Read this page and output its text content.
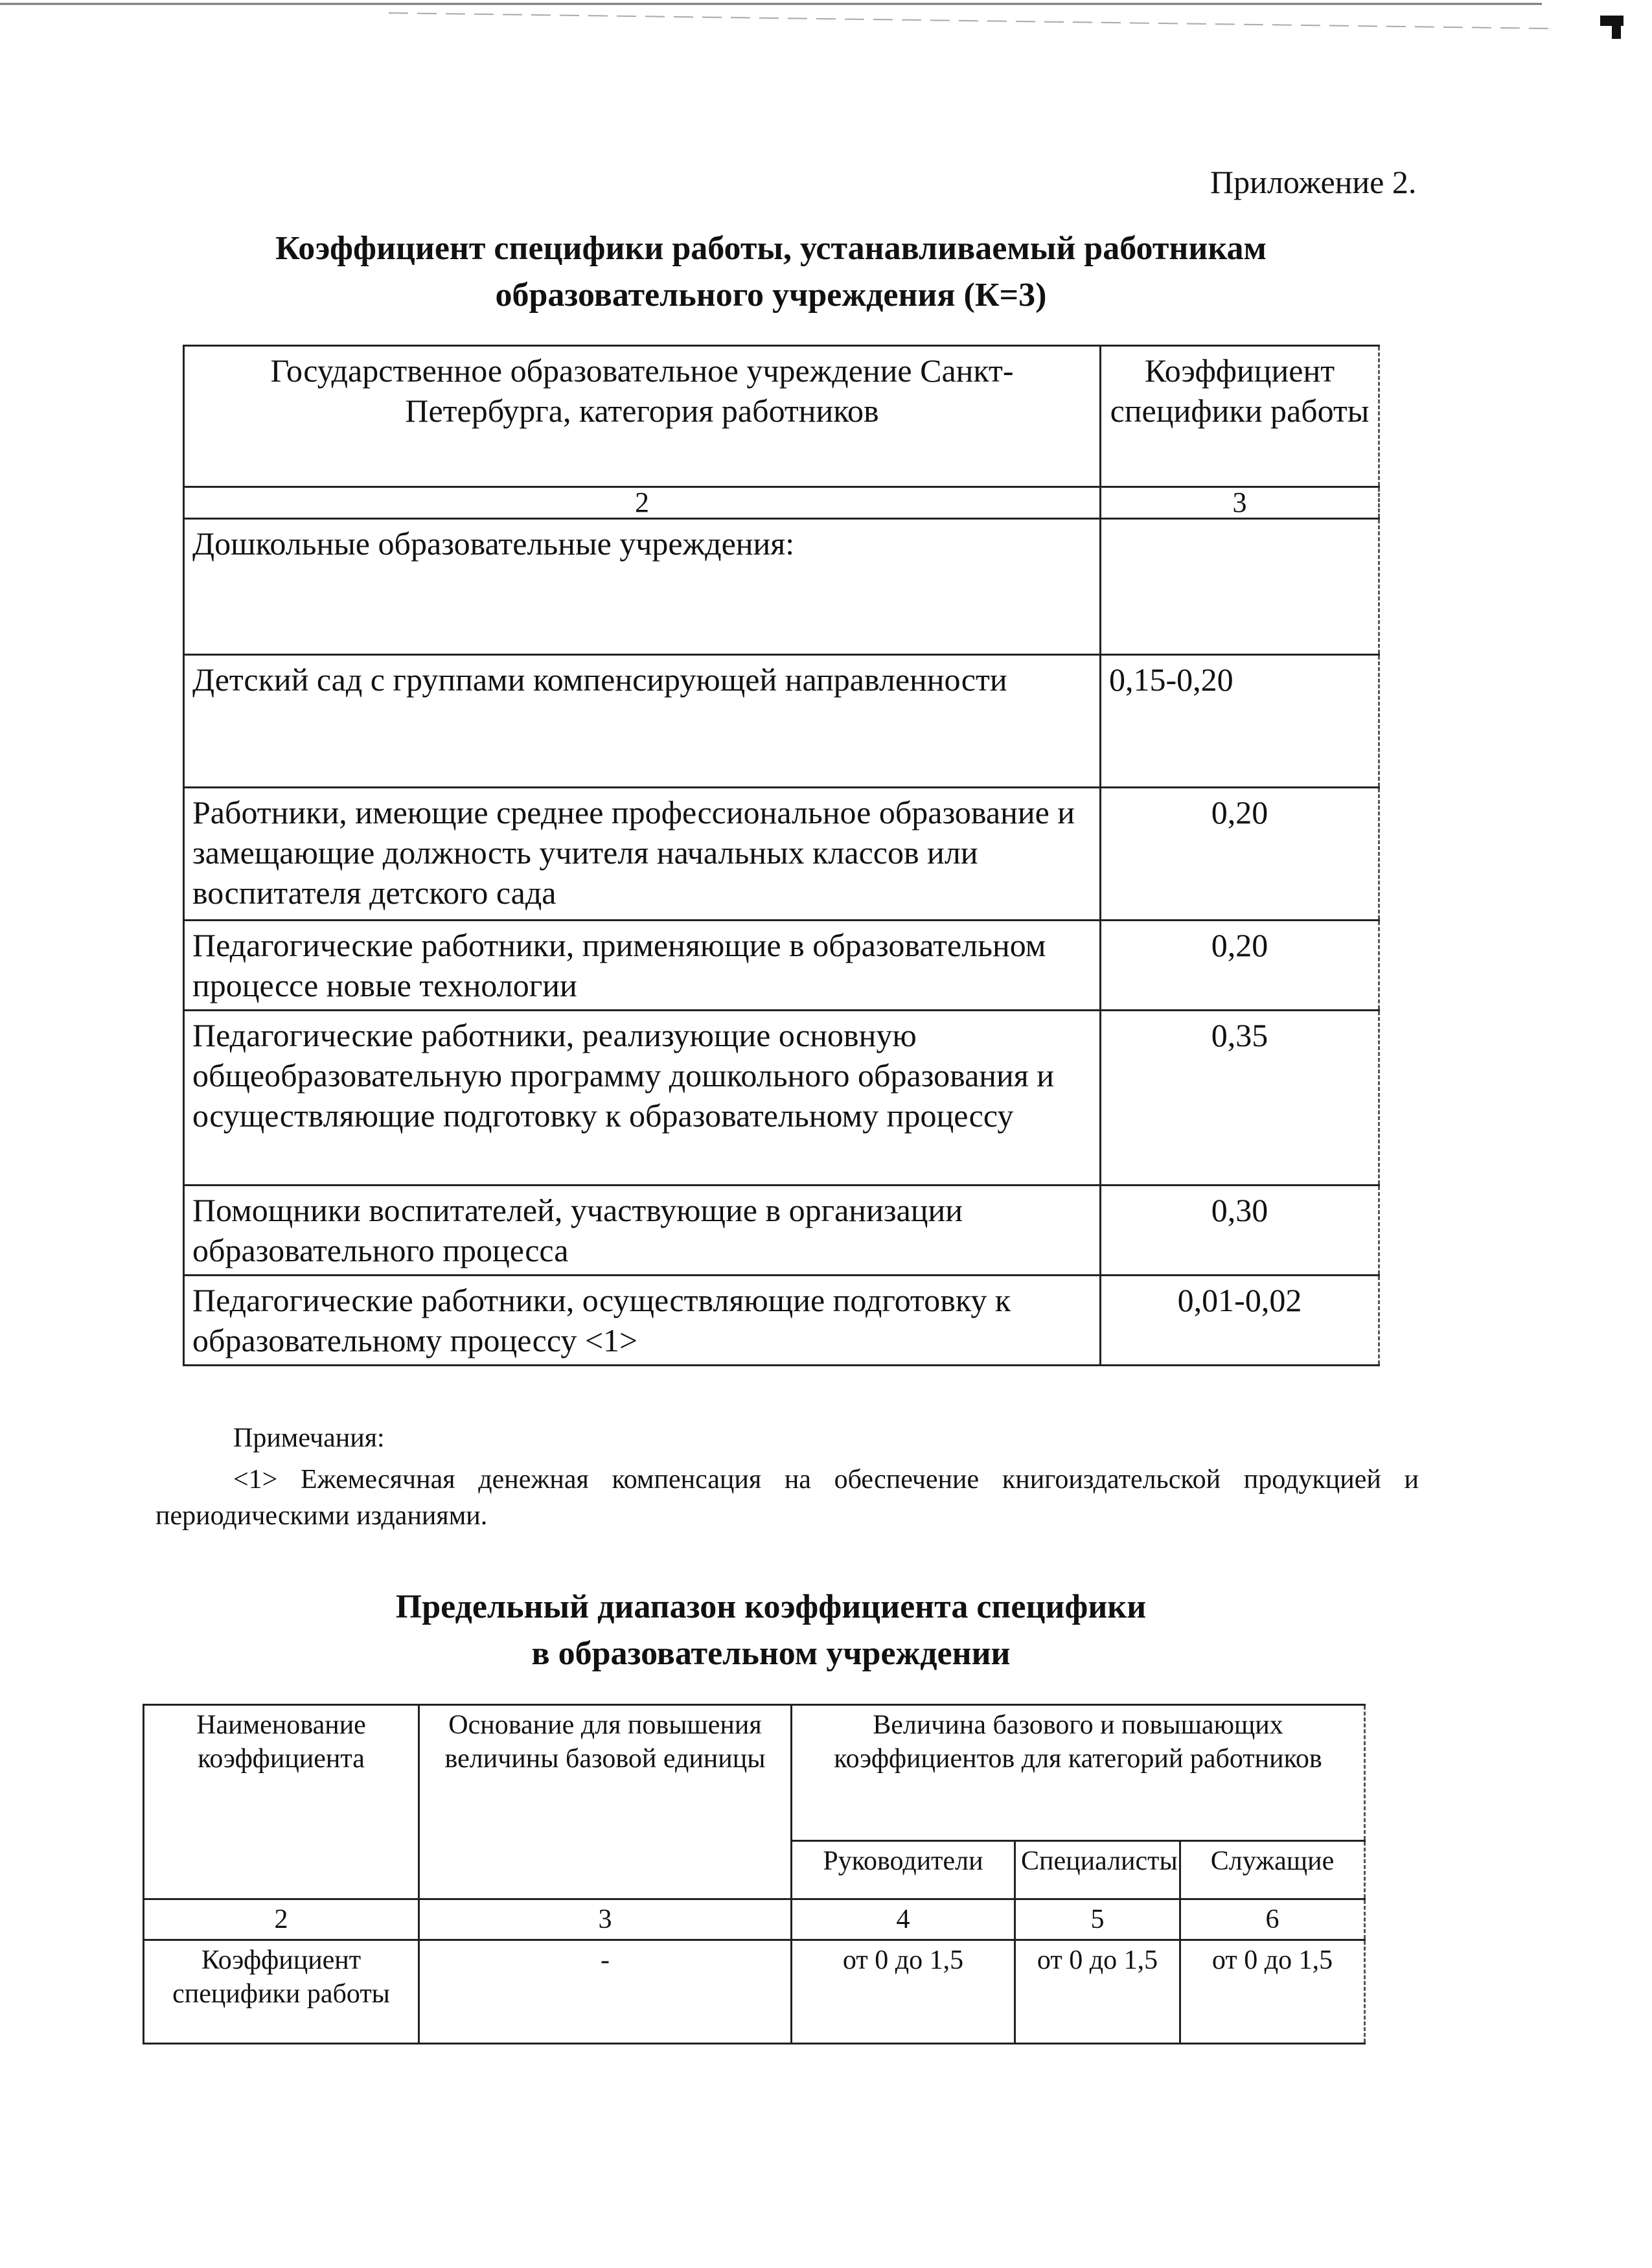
Приложение 2.
Коэффициент специфики работы, устанавливаемый работникам
образовательного учреждения (К=3)
Государственное образовательное учреждение Санкт-Петербурга, категория работников	Коэффициент специфики работы
2	3
Дошкольные образовательные учреждения:	
Детский сад с группами компенсирующей направленности	0,15-0,20
Работники, имеющие среднее профессиональное образование и замещающие должность учителя начальных классов или воспитателя детского сада	0,20
Педагогические работники, применяющие в образовательном процессе новые технологии	0,20
Педагогические работники, реализующие основную общеобразовательную программу дошкольного образования и осуществляющие подготовку к образовательному процессу	0,35
Помощники воспитателей, участвующие в организации образовательного процесса	0,30
Педагогические работники, осуществляющие подготовку к образовательному процессу <1>	0,01-0,02
Примечания:
<1> Ежемесячная денежная компенсация на обеспечение книгоиздательской продукцией и периодическими изданиями.
Предельный диапазон коэффициента специфики
в образовательном учреждении
Наименование коэффициента	Основание для повышения величины базовой единицы	Величина базового и повышающих коэффициентов для категорий работников		
		Руководители	Специалисты	Служащие
2	3	4	5	6
Коэффициент специфики работы	-	от 0 до 1,5	от 0 до 1,5	от 0 до 1,5
